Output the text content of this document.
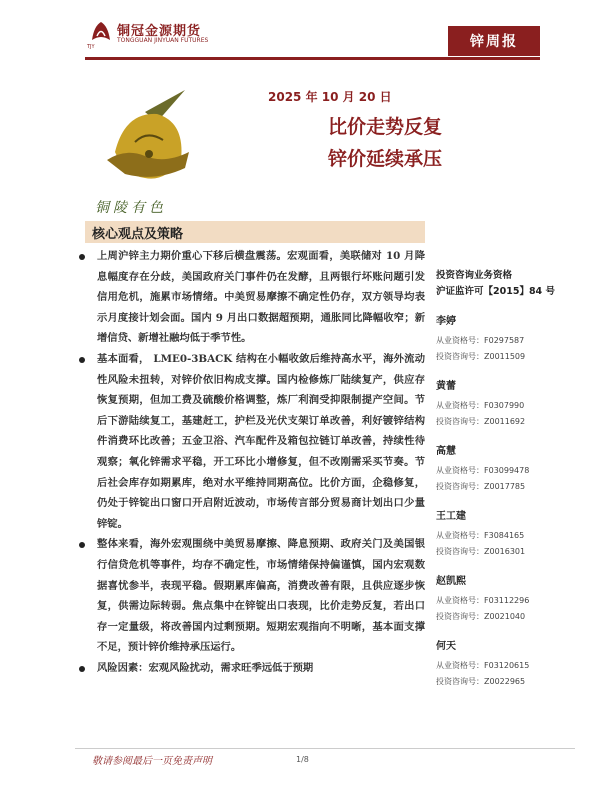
铜冠金源期货
TONGGUAN JINYUAN FUTURES
TJY	锌周报
铜陵有色
2025 年 10 月 20 日
比价走势反复
锌价延续承压
核心观点及策略
上周沪锌主力期价重心下移后横盘震荡。宏观面看，美联储对 10 月降息幅度存在分歧，美国政府关门事件仍在发酵，且两银行坏账问题引发信用危机，施累市场情绪。中美贸易摩擦不确定性仍存，双方领导均表示月度接计划会面。国内 9 月出口数据超预期，通胀同比降幅收窄；新增信贷、新增社融均低于季节性。
基本面看， LME0-3BACK 结构在小幅收敛后维持高水平，海外流动性风险未扭转，对锌价依旧构成支撑。国内检修炼厂陆续复产，供应存恢复预期，但加工费及硫酸价格调整，炼厂利润受抑限制提产空间。节后下游陆续复工，基建赶工，护栏及光伏支架订单改善，利好镀锌结构件消费环比改善；五金卫浴、汽车配件及箱包拉链订单改善，持续性待观察；氧化锌需求平稳，开工环比小增修复，但不改刚需采买节奏。节后社会库存如期累库，绝对水平维持同期高位。比价方面，企稳修复，仍处于锌锭出口窗口开启附近波动，市场传言部分贸易商计划出口少量锌锭。
整体来看，海外宏观围绕中美贸易摩擦、降息预期、政府关门及美国银行信贷危机等事件，均存不确定性，市场情绪保持偏谨慎，国内宏观数据喜忧参半，表现平稳。假期累库偏高，消费改善有限，且供应逐步恢复，供需边际转弱。焦点集中在锌锭出口表现，比价走势反复，若出口存一定量级，将改善国内过剩预期。短期宏观指向不明晰，基本面支撑不足，预计锌价维持承压运行。
风险因素：宏观风险扰动，需求旺季远低于预期
投资咨询业务资格
沪证监许可【2015】84 号
李婷
从业资格号：F0297587
投资咨询号：Z0011509
黄蕾
从业资格号：F0307990
投资咨询号：Z0011692
高慧
从业资格号：F03099478
投资咨询号：Z0017785
王工建
从业资格号：F3084165
投资咨询号：Z0016301
赵凯熙
从业资格号：F03112296
投资咨询号：Z0021040
何天
从业资格号：F03120615
投资咨询号：Z0022965
敬请参阅最后一页免责声明	1/8
